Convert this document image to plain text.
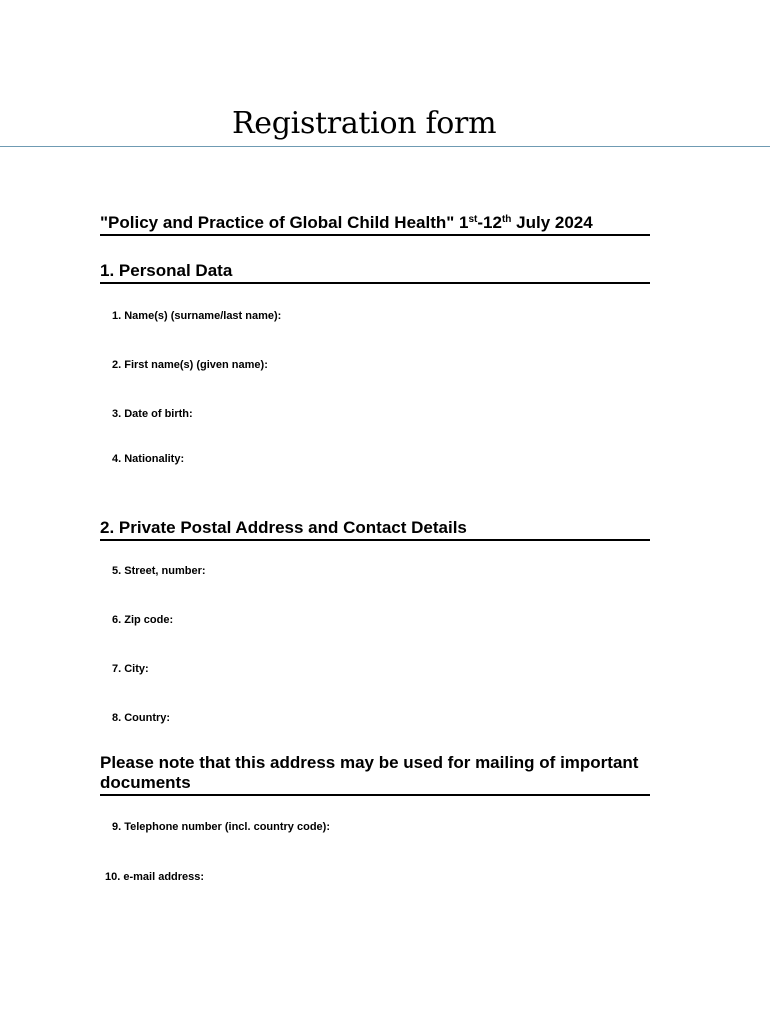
Registration form
"Policy and Practice of Global Child Health" 1st-12th July 2024
1. Personal Data
1. Name(s) (surname/last name):
2. First name(s) (given name):
3. Date of birth:
4. Nationality:
2. Private Postal Address and Contact Details
5. Street, number:
6. Zip code:
7. City:
8. Country:
Please note that this address may be used for mailing of important documents
9. Telephone number (incl. country code):
10. e-mail address:
